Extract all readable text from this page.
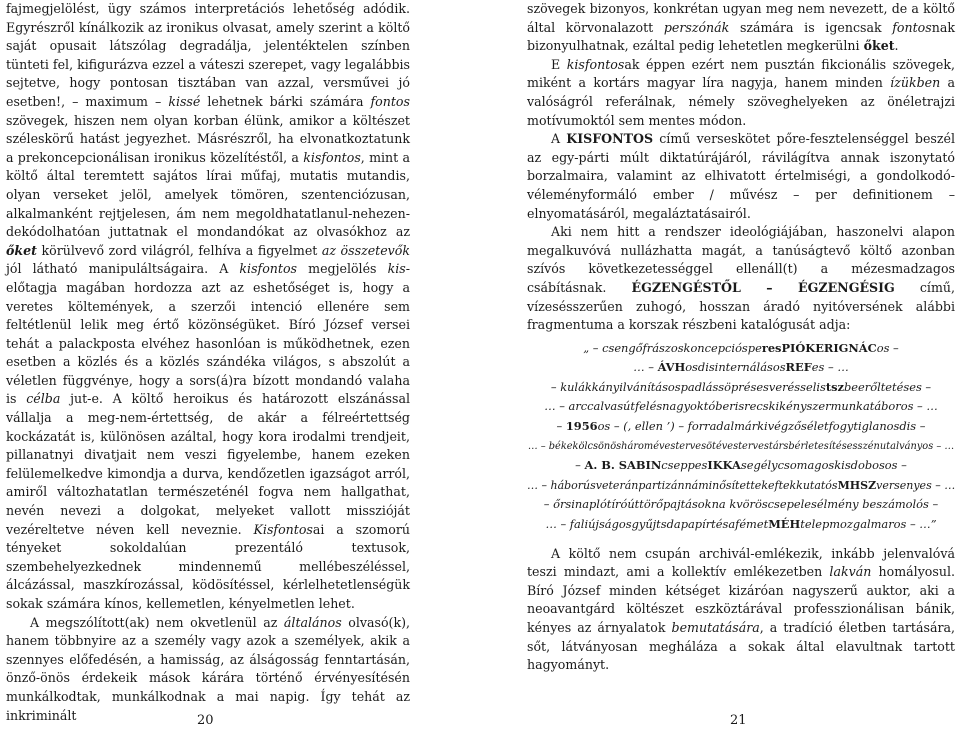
fajmegjelölést, ügy számos interpretációs lehetőség adódik. Egyrészről kínálkozik az ironikus olvasat, amely szerint a költő saját opusait látszólag degradálja, jelentéktelen színben tünteti fel, kifigurázva ezzel a váteszi szerepet, vagy legalábbis sejtetve, hogy pontosan tisztában van azzal, versművei jó esetben!, – maximum – kissé lehetnek bárki számára fontos szövegek, hiszen nem olyan korban élünk, amikor a költészet széleskörű hatást jegyezhet. Másrészről, ha elvonatkoztatunk a prekoncepcionálisan ironikus közelítéstől, a kisfontos, mint a költő által teremtett sajátos lírai műfaj, mutatis mutandis, olyan verseket jelöl, amelyek tömören, szentenciózusan, alkalmanként rejtjelesen, ám nem megoldhatatlanul-nehezen-dekódolhatóan juttatnak el mondandókat az olvasókhoz az őket körülvevő zord világról, felhíva a figyelmet az összetevők jól látható manipuláltságaira. A kisfontos megjelölés kis- előtagja magában hordozza azt az eshetőséget is, hogy a veretes költemények, a szerzői intenció ellenére sem feltétlenül lelik meg értő közönségüket. Bíró József versei tehát a palackposta elvéhez hasonlóan is működhetnek, ezen esetben a közlés és a közlés szándéka világos, s abszolút a véletlen függvénye, hogy a sors(á)ra bízott mondandó valaha is célba jut-e. A költő heroikus és határozott elszánással vállalja a meg-nem-értettség, de akár a félreértettség kockázatát is, különösen azáltal, hogy kora irodalmi trendjeit, pillanatnyi divatjait nem veszi figyelembe, hanem ezeken felülemelkedve kimondja a durva, kendőzetlen igazságot arról, amiről változhatatlan természeténél fogva nem hallgathat, nevén nevezi a dolgokat, melyeket vallott misszióját vezéreltetve néven kell neveznie. Kisfontosai a szomorú tényeket sokoldalúan prezentáló textusok, szembehelyezkednek mindennemű mellébeszéléssel, álcázással, maszkírozással, ködösítéssel, kérlelhetetlenségük sokak számára kínos, kellemetlen, kényelmetlen lehet.

A megszólított(ak) nem okvetlenül az általános olvasó(k), hanem többnyire az a személy vagy azok a személyek, akik a szennyes előfedésén, a hamisság, az álságosság fenntartásán, önző-önös érdekeik mások kárára történő érvényesítésén munkálkodtak, munkálkodnak a mai napig. Így tehát az inkriminált	20

szövegek bizonyos, konkrétan ugyan meg nem nevezett, de a költő által körvonalazott perszónák számára is igencsak fontosnak bizonyulhatnak, ezáltal pedig lehetetlen megkerülni őket.

E kisfontosak éppen ezért nem pusztán fikcionális szövegek, miként a kortárs magyar líra nagyja, hanem minden ízükben a valóságról referálnak, némely szöveghelyeken az önéletrajzi motívumoktól sem mentes módon.

A KISFONTOS című verseskötet pőre-fesztelenséggel beszél az egy-párti múlt diktatúrájáról, rávilágítva annak iszonytató borzalmaira, valamint az elhivatott értelmiségi, a gondolkodó-véleményformáló ember / művész – per definitionem – elnyomatásáról, megaláztatásairól.

Aki nem hitt a rendszer ideológiájában, haszonelvi alapon megalkuvóvá nullázhatta magát, a tanúságtevő költő azonban szívós következetességgel ellenáll(t) a mézesmadzagos csábításnak. ÉGZENGÉSTŐL – ÉGZENGÉSIG című, vízesésszerűen zuhogó, hosszan áradó nyitóversének alábbi fragmentuma a korszak részbeni katalógusát adja:

„ – csengőfrászoskoncepciósperesPIÓKERIGNÁCos –
… – ÁVHosdisinternálásosREFes – …
– kulákkányilvánításospadlássöprésesverésselistszbeerőltetéses –
… – arccalvasútfelésnagyoktóberisrecskikényszermunkatáboros – …
– 1956os – (, ellen ’) – forradalmárkivégzőséletfogytiglanosdis –
… – békekölcsönösháromévestervesötévestervestársbérletesítésesszénutalványos – …
– A. B. SABINcseppesIKKAsegélycsomagoskisdobosos –
… – háborúsveteránpartizánnáminősítettekeftekkutatósMHSZversenyes – …
– őrsinaplótíróúttörőpajtásokna kvöröscsepelesélmény beszámolós –
… – faliújságosgyűjtsdapapírtésafémetMÉHtelepmozgalmaros – …”

A költő nem csupán archivál-emlékezik, inkább jelenvalóvá teszi mindazt, ami a kollektív emlékezetben lakván homályosul. Bíró József minden kétséget kizáróan nagyszerű auktor, aki a neoavantgárd költészet eszköztárával professzionálisan bánik, kényes az árnyalatok bemutatására, a tradíció életben tartására, sőt, látványosan megháláza a sokak által elavultnak tartott hagyományt.

21
